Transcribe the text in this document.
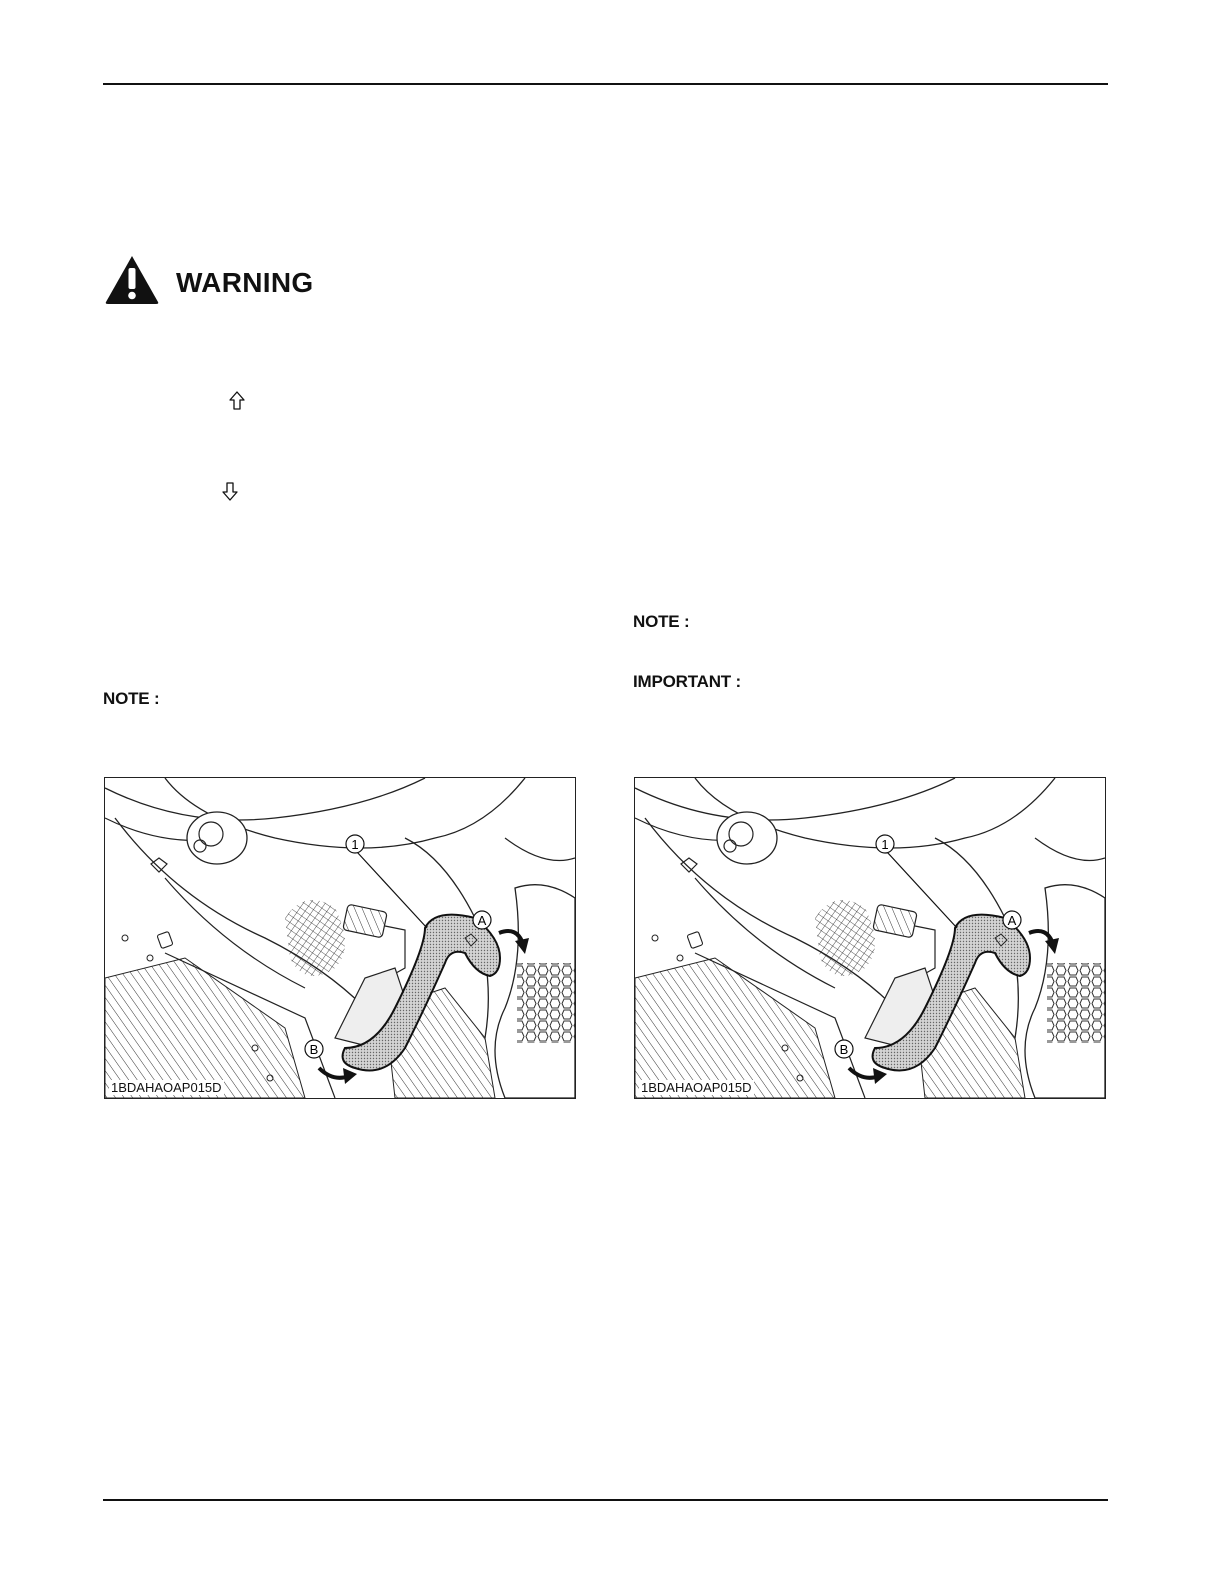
WARNING
NOTE :
NOTE :
IMPORTANT :
1
A
B
1BDAHAOAP015D
1
A
B
1BDAHAOAP015D
